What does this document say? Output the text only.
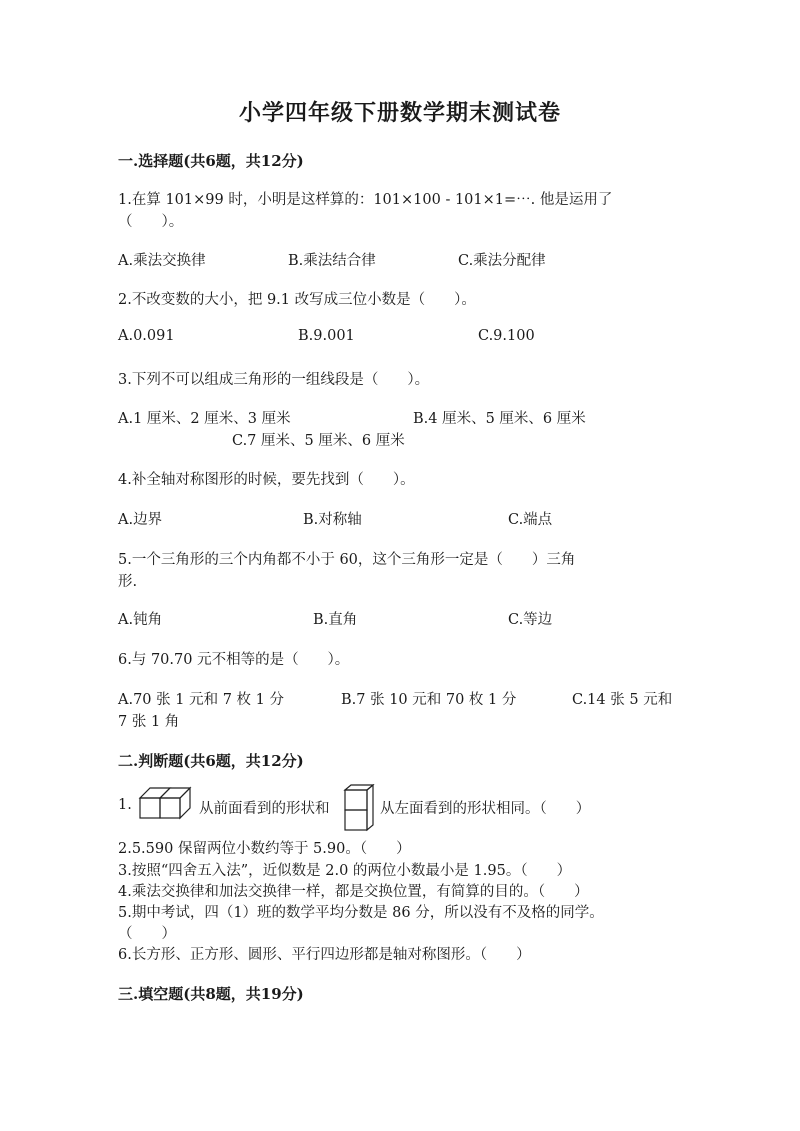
小学四年级下册数学期末测试卷
一.选择题(共6题，共12分)
1.在算 101×99 时，小明是这样算的：101×100 - 101×1=⋯. 他是运用了
（　　）。
A.乘法交换律	B.乘法结合律	C.乘法分配律
2.不改变数的大小，把 9.1 改写成三位小数是（　　）。
A.0.091	B.9.001	C.9.100
3.下列不可以组成三角形的一组线段是（　　）。
A.1 厘米、2 厘米、3 厘米	B.4 厘米、5 厘米、6 厘米
C.7 厘米、5 厘米、6 厘米
4.补全轴对称图形的时候，要先找到（　　）。
A.边界	B.对称轴	C.端点
5.一个三角形的三个内角都不小于 60，这个三角形一定是（　　）三角
形.
A.钝角	B.直角	C.等边
6.与 70.70 元不相等的是（　　）。
A.70 张 1 元和 7 枚 1 分	B.7 张 10 元和 70 枚 1 分	C.14 张 5 元和
7 张 1 角
二.判断题(共6题，共12分)
1.	从前面看到的形状和	从左面看到的形状相同。（　　）
2.5.590 保留两位小数约等于 5.90。（　　）
3.按照“四舍五入法”，近似数是 2.0 的两位小数最小是 1.95。（　　）
4.乘法交换律和加法交换律一样，都是交换位置，有简算的目的。（　　）
5.期中考试，四（1）班的数学平均分数是 86 分，所以没有不及格的同学。
（　　）
6.长方形、正方形、圆形、平行四边形都是轴对称图形。（　　）
三.填空题(共8题，共19分)
